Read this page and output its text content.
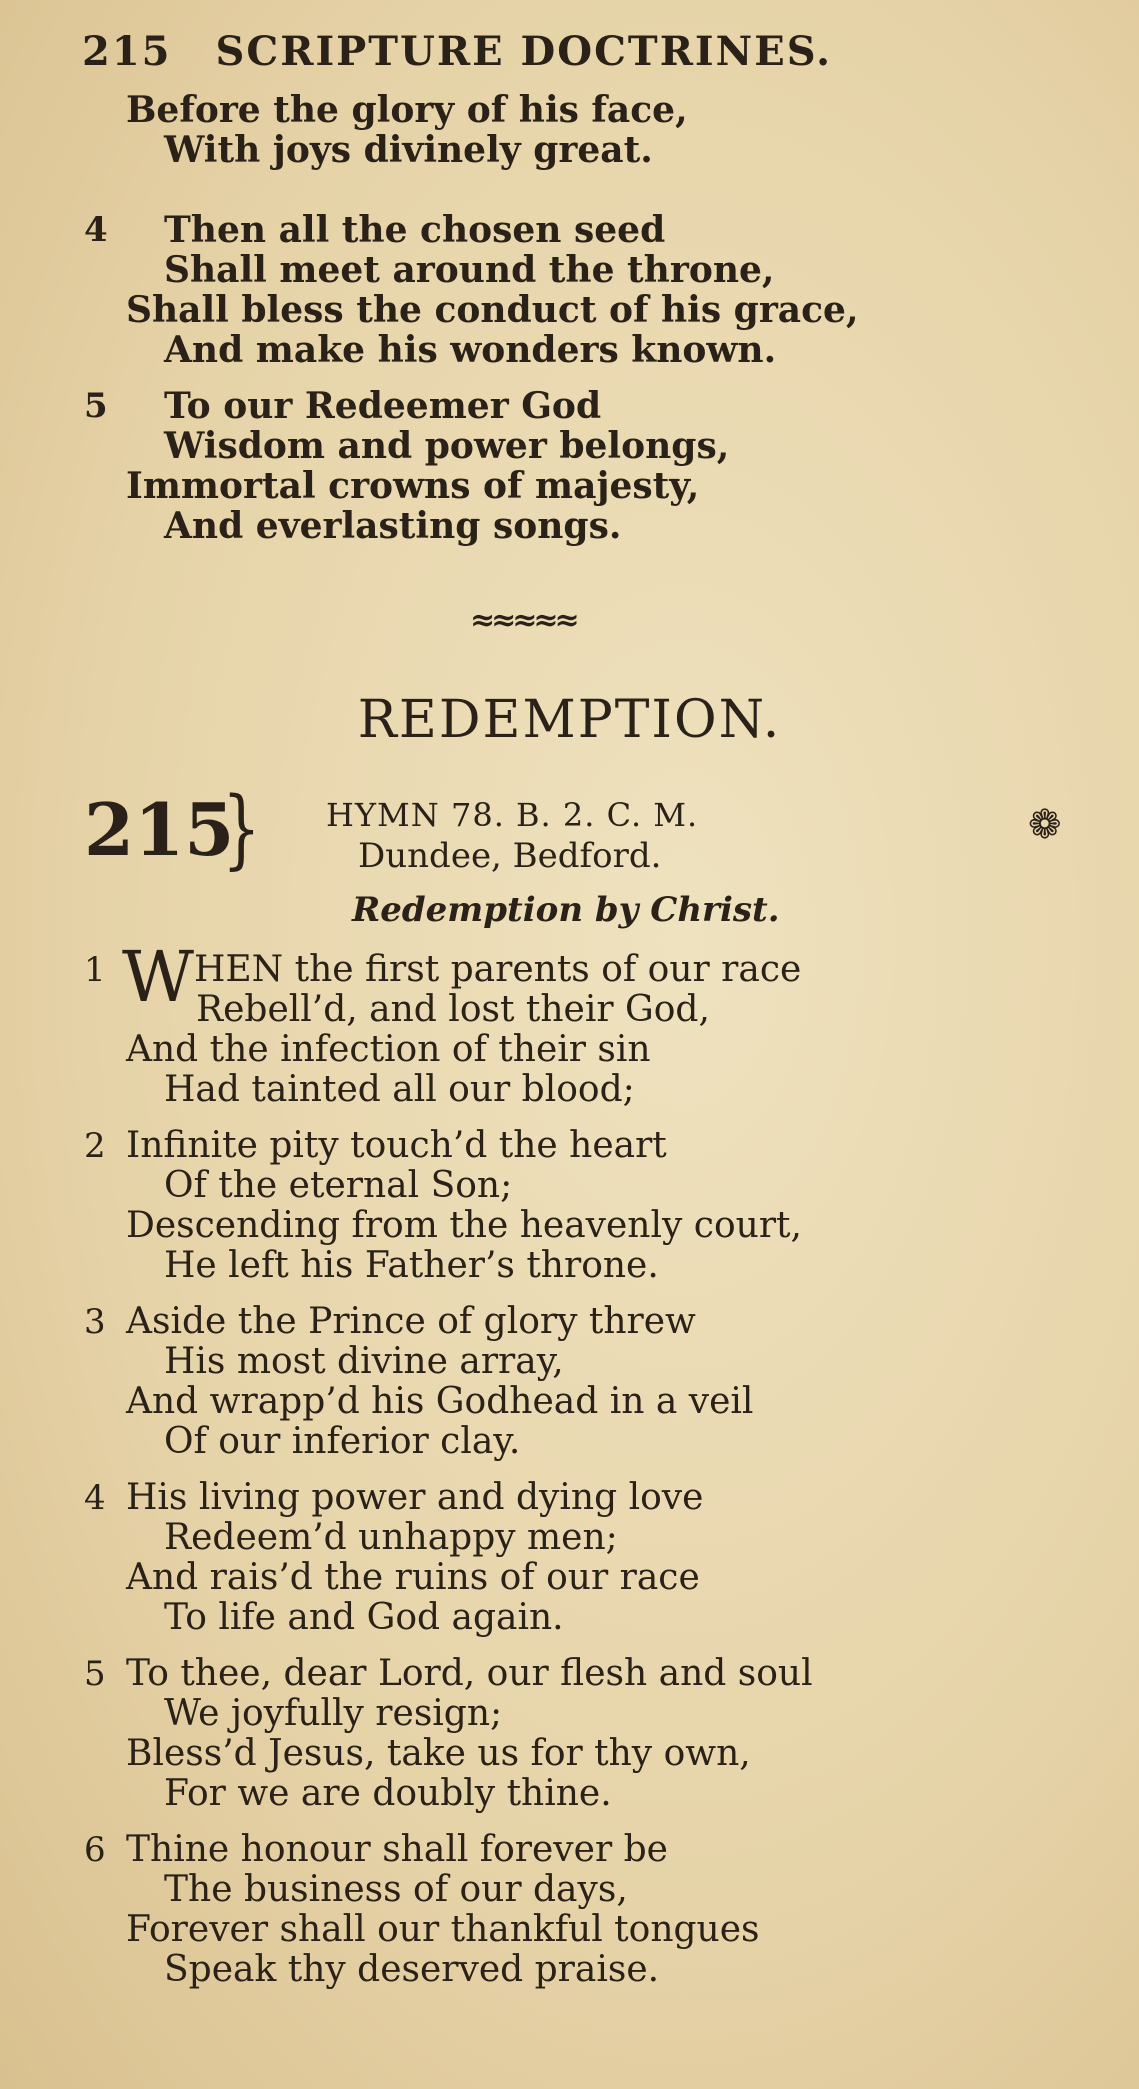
215 SCRIPTURE DOCTRINES.
Before the glory of his face,
With joys divinely great.
4 Then all the chosen seed
Shall meet around the throne,
Shall bless the conduct of his grace,
And make his wonders known.
5 To our Redeemer God
Wisdom and power belongs,
Immortal crowns of majesty,
And everlasting songs.
≈≈≈≈≈
REDEMPTION.
215
} HYMN 78. B. 2. C. M.
Dundee, Bedford.
❁
Redemption by Christ.
1 W HEN the first parents of our race
Rebell’d, and lost their God,
And the infection of their sin
Had tainted all our blood;
2 Infinite pity touch’d the heart
Of the eternal Son;
Descending from the heavenly court,
He left his Father’s throne.
3 Aside the Prince of glory threw
His most divine array,
And wrapp’d his Godhead in a veil
Of our inferior clay.
4 His living power and dying love
Redeem’d unhappy men;
And rais’d the ruins of our race
To life and God again.
5 To thee, dear Lord, our flesh and soul
We joyfully resign;
Bless’d Jesus, take us for thy own,
For we are doubly thine.
6 Thine honour shall forever be
The business of our days,
Forever shall our thankful tongues
Speak thy deserved praise.
